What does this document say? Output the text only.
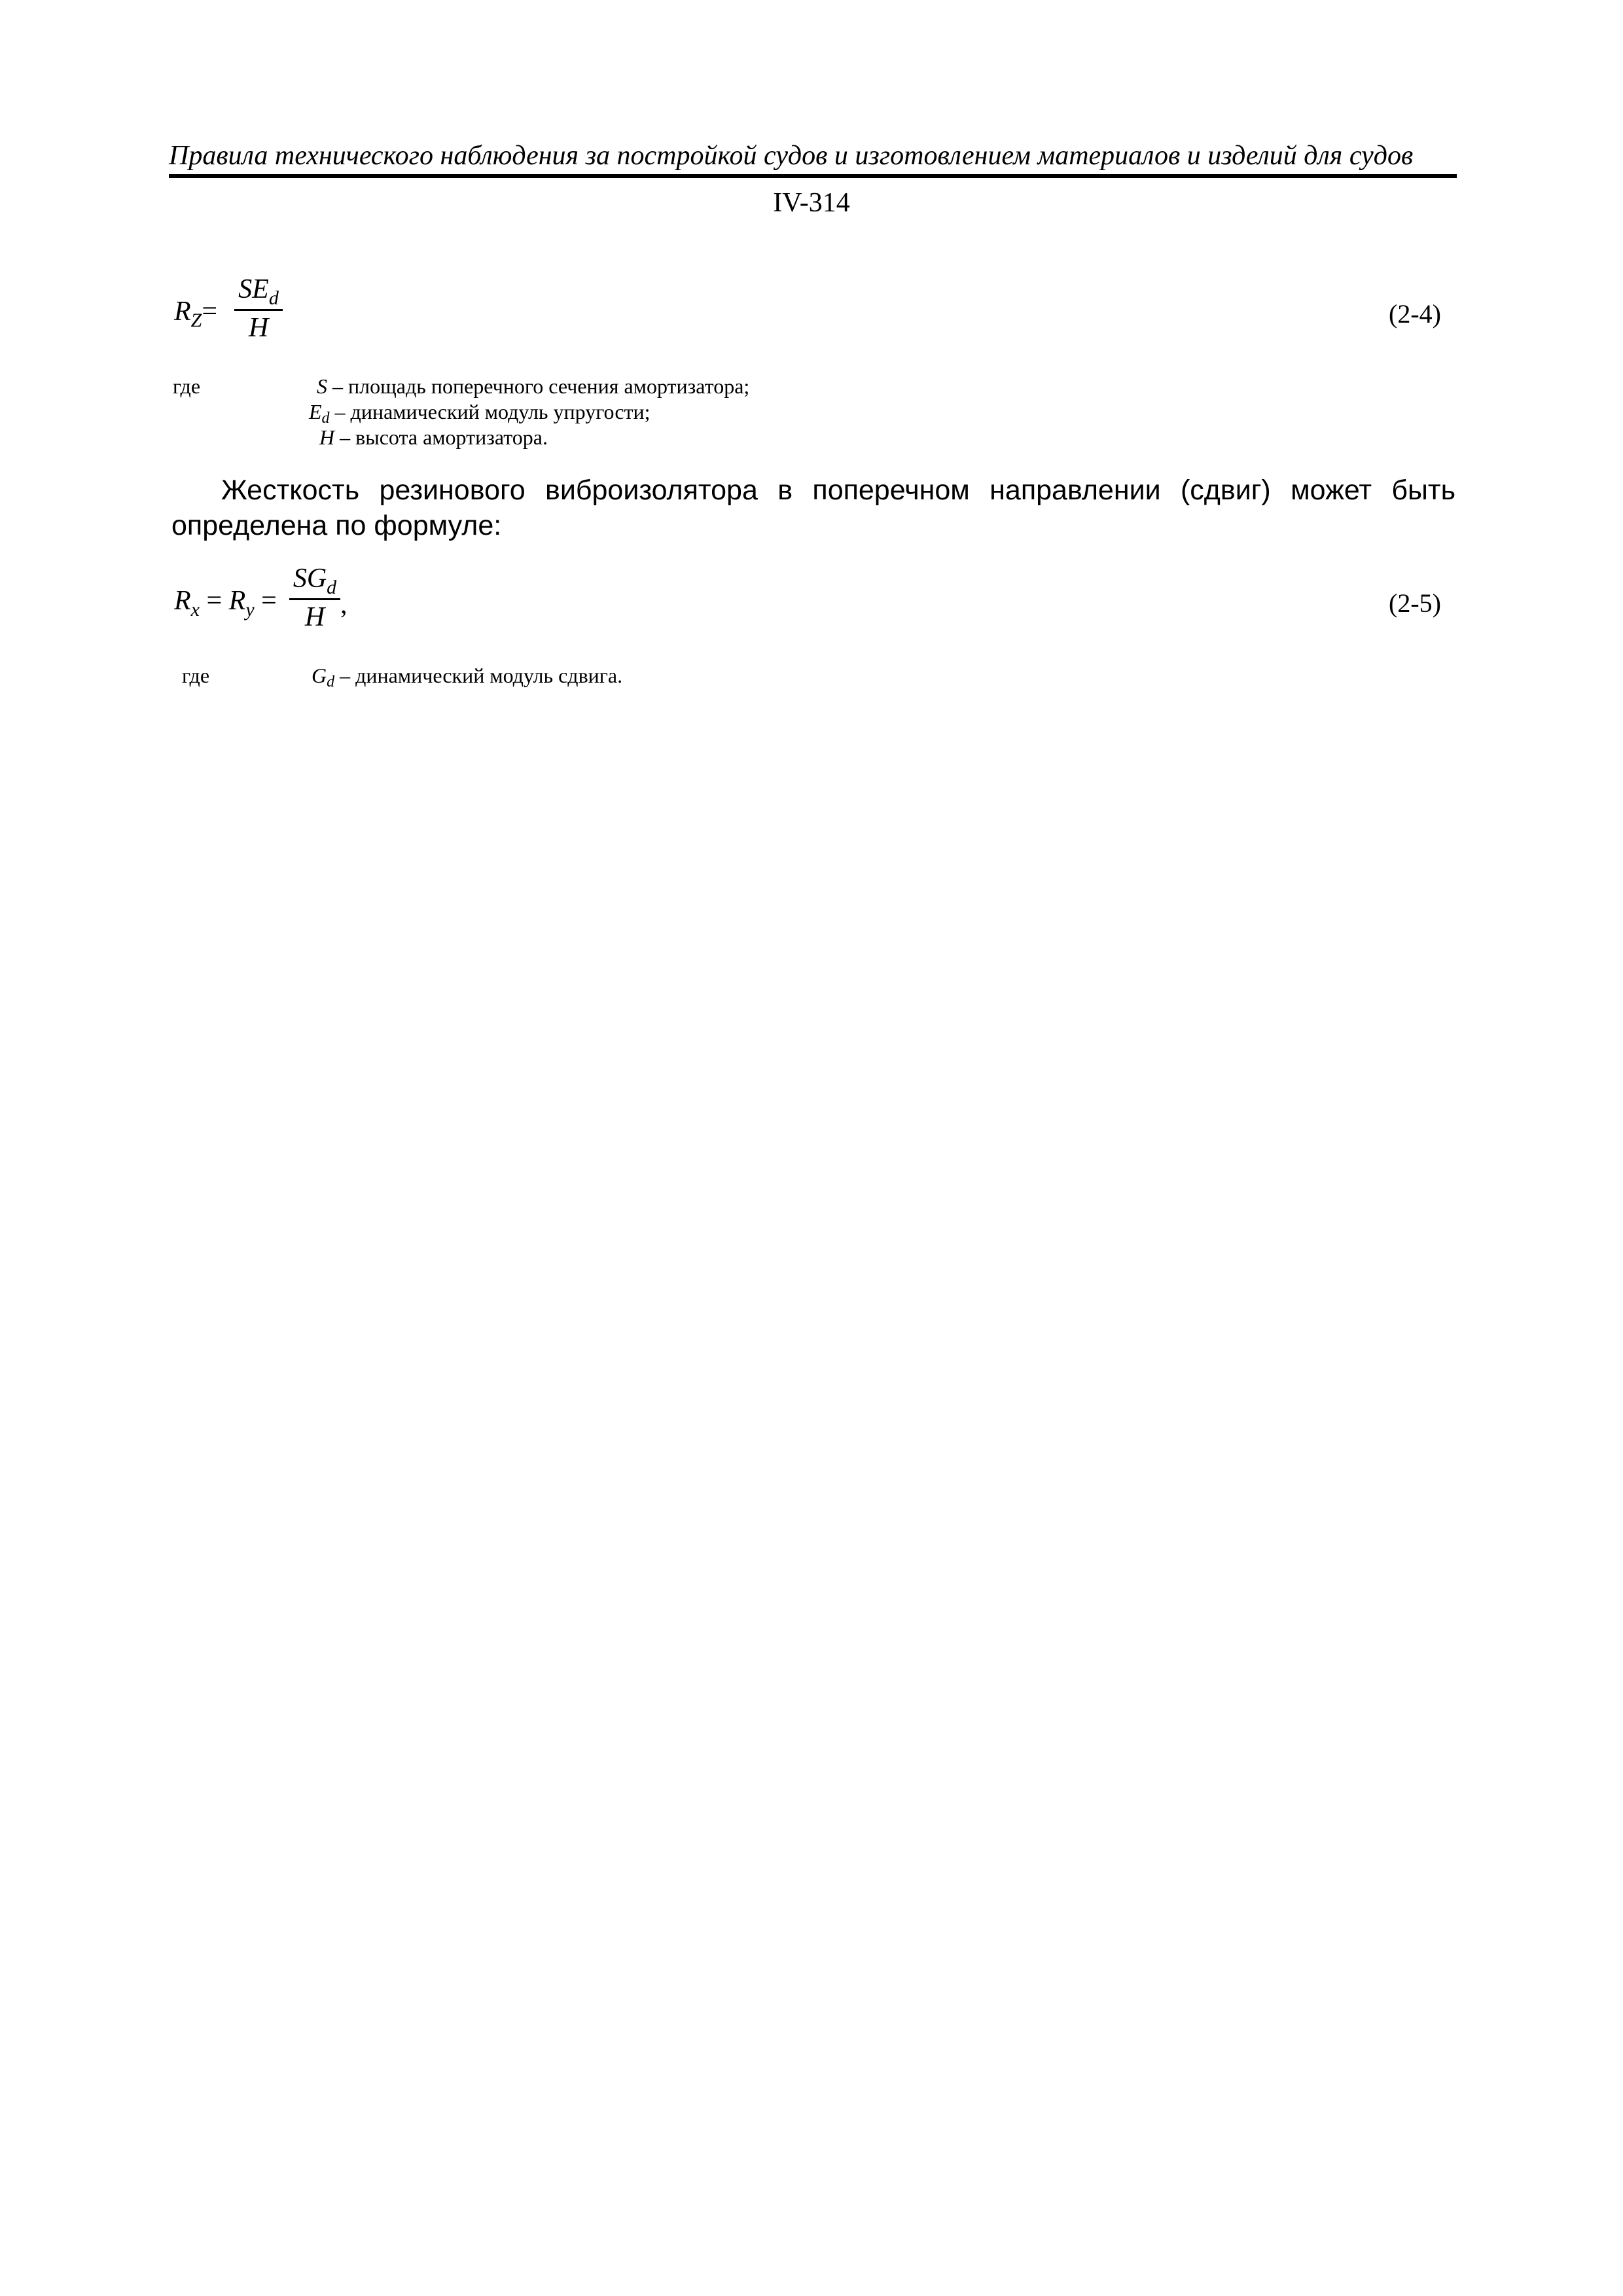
Правила технического наблюдения за постройкой судов и изготовлением материалов и изделий для судов
IV-314
$R_Z=$
$SE_d$
H	(2-4)
где	S – площадь поперечного сечения амортизатора;
Ed – динамический модуль упругости;
H – высота амортизатора.
Жесткость резинового виброизолятора в поперечном направлении (сдвиг) может быть определена по формуле:
$R_x = R_y$ =
$SG_d$
H ,	(2-5)
где	Gd – динамический модуль сдвига.
